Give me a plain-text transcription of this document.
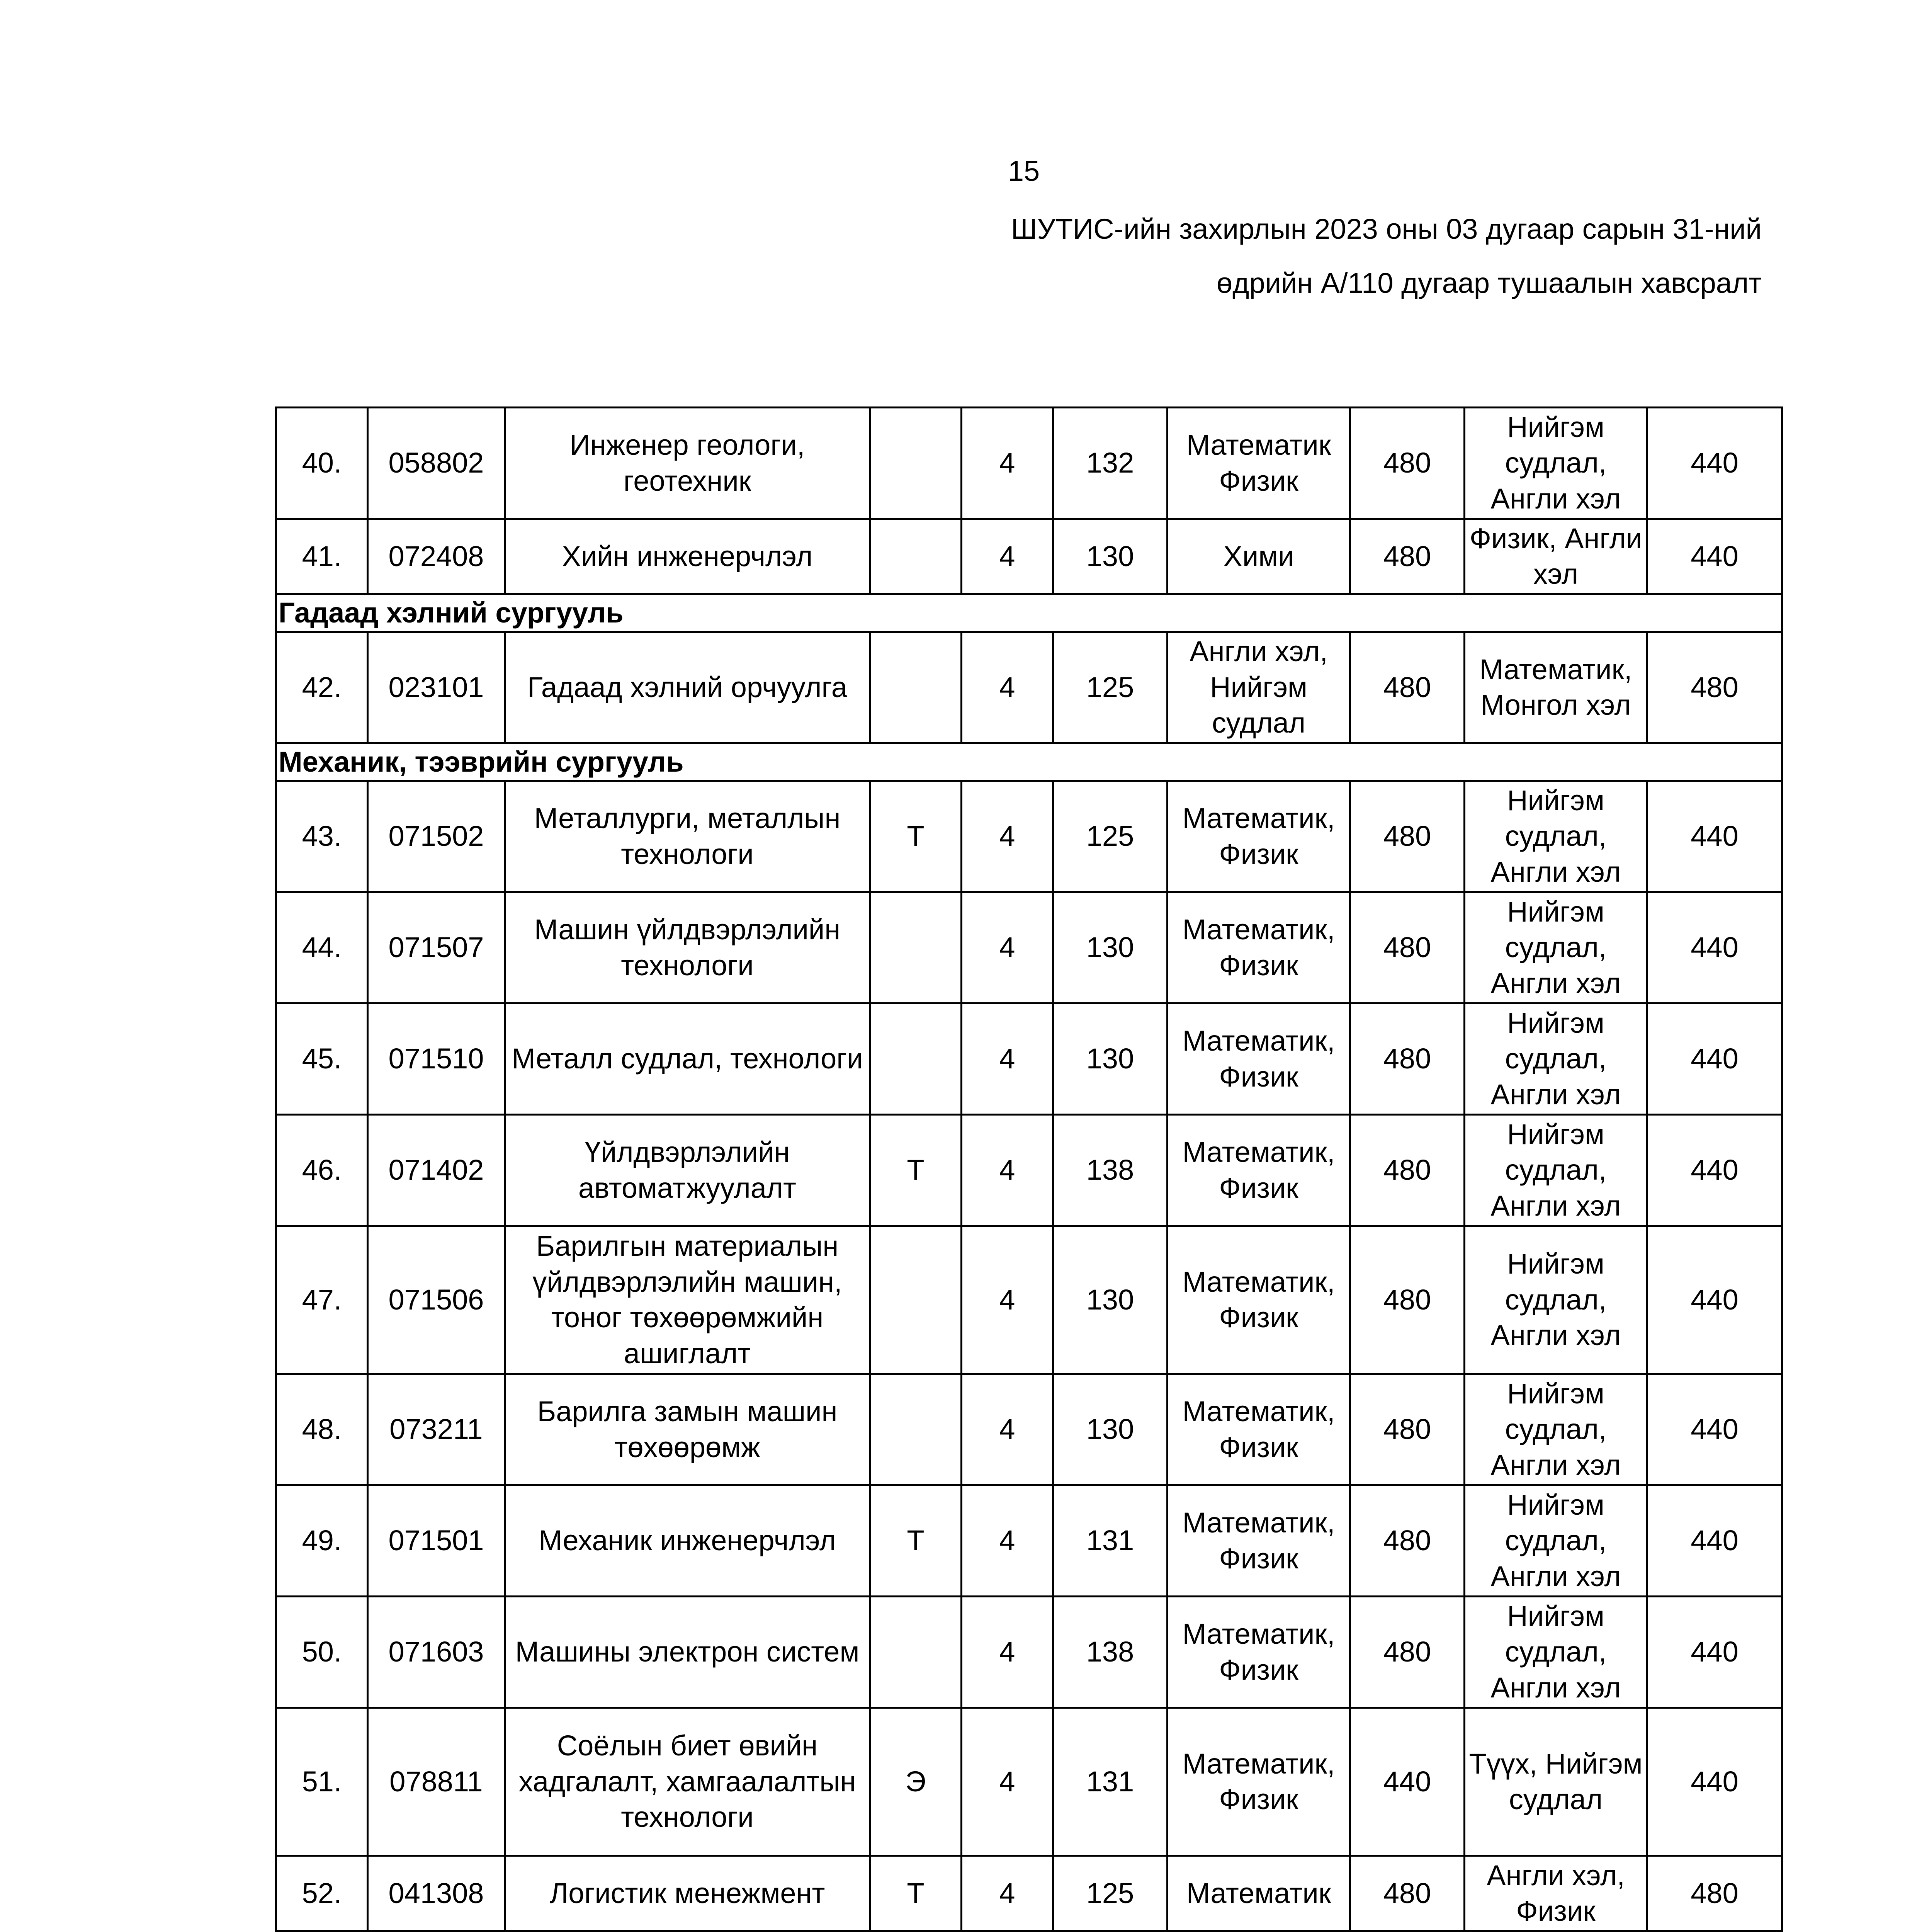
15
ШУТИС-ийн захирлын 2023 оны 03 дугаар сарын 31-ний
өдрийн А/110 дугаар тушаалын хавсралт
40.	058802	Инженер геологи, геотехник		4	132	Математик Физик	480	Нийгэм судлал, Англи хэл	440
41.	072408	Хийн инженерчлэл		4	130	Хими	480	Физик, Англи хэл	440
Гадаад хэлний сургууль									
42.	023101	Гадаад хэлний орчуулга		4	125	Англи хэл, Нийгэм судлал	480	Математик, Монгол хэл	480
Механик, тээврийн сургууль									
43.	071502	Металлурги, металлын технологи	Т	4	125	Математик, Физик	480	Нийгэм судлал, Англи хэл	440
44.	071507	Машин үйлдвэрлэлийн технологи		4	130	Математик, Физик	480	Нийгэм судлал, Англи хэл	440
45.	071510	Металл судлал, технологи		4	130	Математик, Физик	480	Нийгэм судлал, Англи хэл	440
46.	071402	Үйлдвэрлэлийн автоматжуулалт	Т	4	138	Математик, Физик	480	Нийгэм судлал, Англи хэл	440
47.	071506	Барилгын материалын үйлдвэрлэлийн машин, тоног төхөөрөмжийн ашиглалт		4	130	Математик, Физик	480	Нийгэм судлал, Англи хэл	440
48.	073211	Барилга замын машин төхөөрөмж		4	130	Математик, Физик	480	Нийгэм судлал, Англи хэл	440
49.	071501	Механик инженерчлэл	Т	4	131	Математик, Физик	480	Нийгэм судлал, Англи хэл	440
50.	071603	Машины электрон систем		4	138	Математик, Физик	480	Нийгэм судлал, Англи хэл	440
51.	078811	Соёлын биет өвийн хадгалалт, хамгаалалтын технологи	Э	4	131	Математик, Физик	440	Түүх, Нийгэм судлал	440
52.	041308	Логистик менежмент	Т	4	125	Математик	480	Англи хэл, Физик	480
